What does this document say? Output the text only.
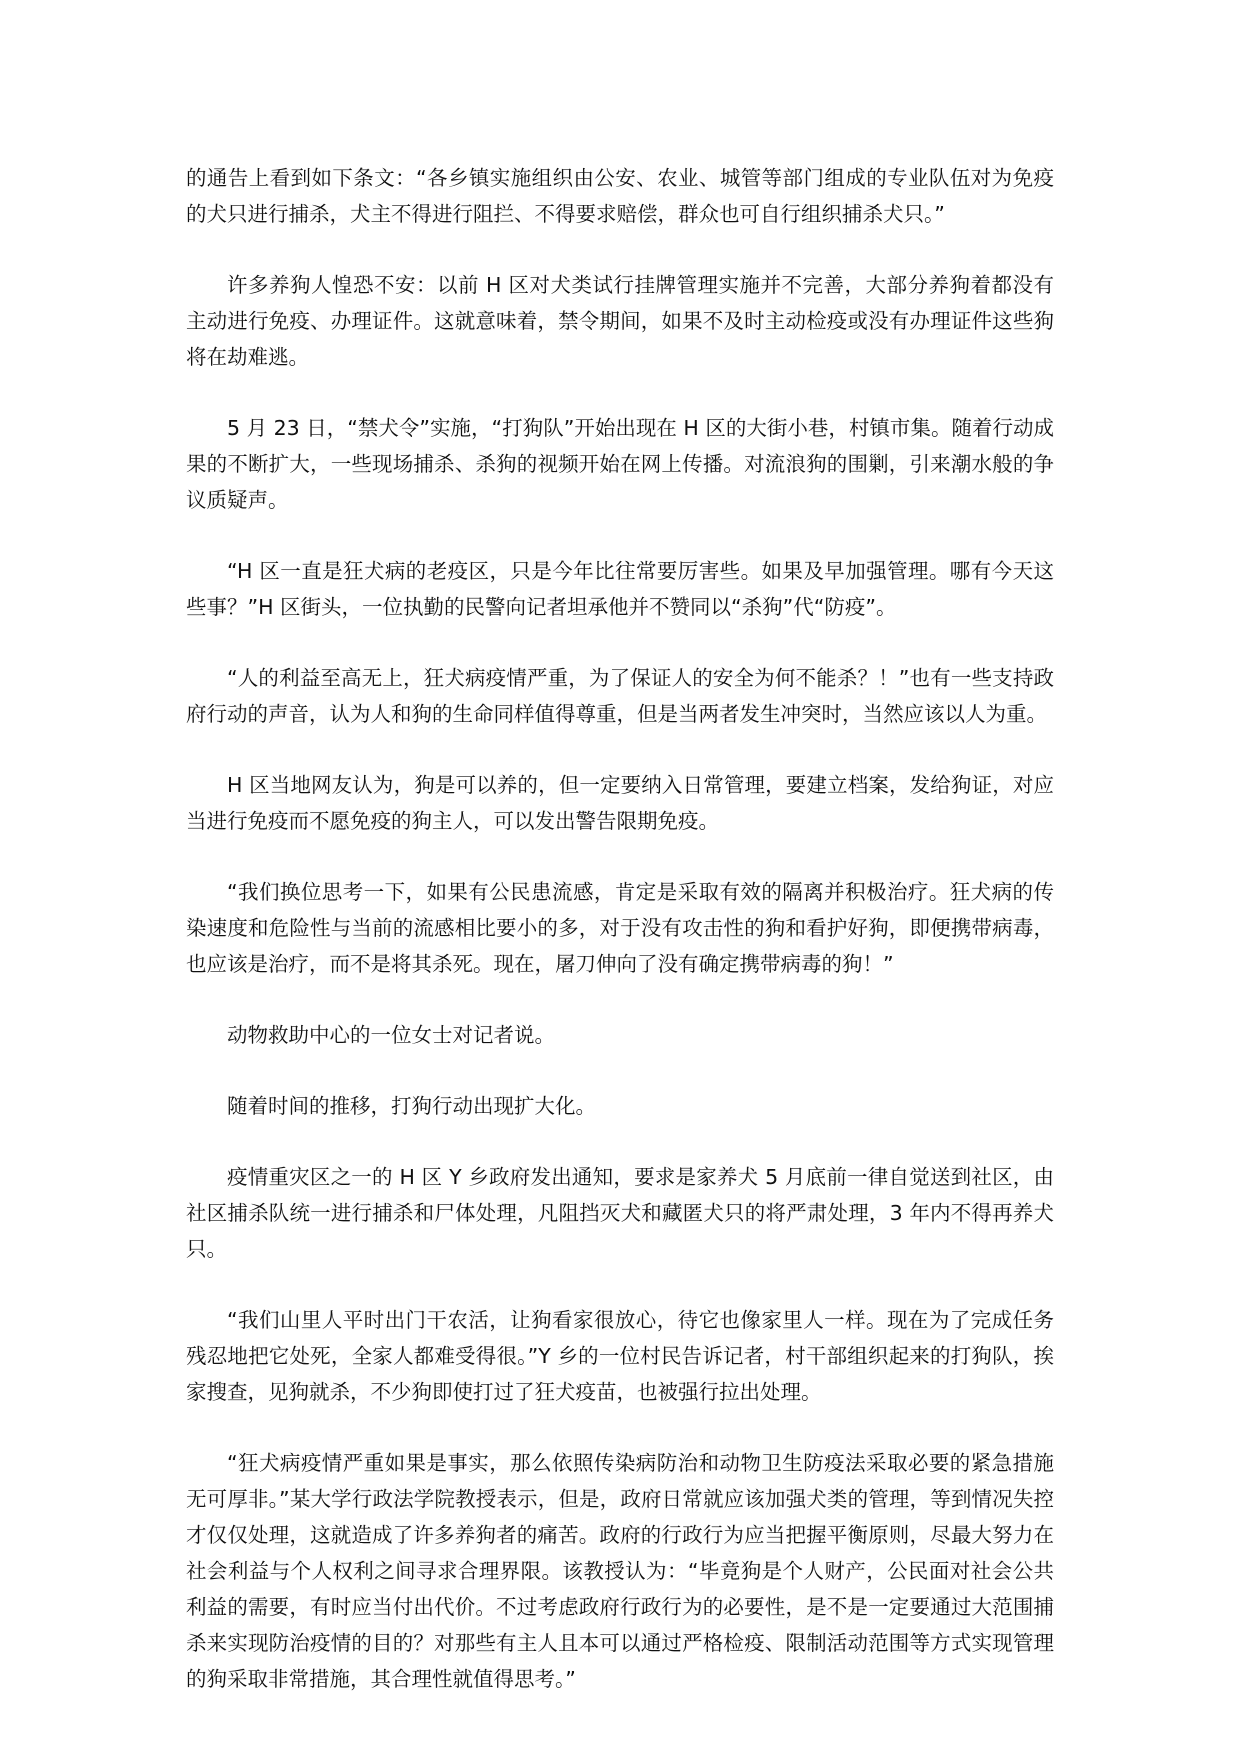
的通告上看到如下条文：“各乡镇实施组织由公安、农业、城管等部门组成的专业队伍对为免疫的犬只进行捕杀，犬主不得进行阻拦、不得要求赔偿，群众也可自行组织捕杀犬只。”

许多养狗人惶恐不安：以前 H 区对犬类试行挂牌管理实施并不完善，大部分养狗着都没有主动进行免疫、办理证件。这就意味着，禁令期间，如果不及时主动检疫或没有办理证件这些狗将在劫难逃。

5 月 23 日，“禁犬令”实施，“打狗队”开始出现在 H 区的大街小巷，村镇市集。随着行动成果的不断扩大，一些现场捕杀、杀狗的视频开始在网上传播。对流浪狗的围剿，引来潮水般的争议质疑声。

“H 区一直是狂犬病的老疫区，只是今年比往常要厉害些。如果及早加强管理。哪有今天这些事？”H 区街头，一位执勤的民警向记者坦承他并不赞同以“杀狗”代“防疫”。

“人的利益至高无上，狂犬病疫情严重，为了保证人的安全为何不能杀？！”也有一些支持政府行动的声音，认为人和狗的生命同样值得尊重，但是当两者发生冲突时，当然应该以人为重。

H 区当地网友认为，狗是可以养的，但一定要纳入日常管理，要建立档案，发给狗证，对应当进行免疫而不愿免疫的狗主人，可以发出警告限期免疫。

“我们换位思考一下，如果有公民患流感，肯定是采取有效的隔离并积极治疗。狂犬病的传染速度和危险性与当前的流感相比要小的多，对于没有攻击性的狗和看护好狗，即便携带病毒，也应该是治疗，而不是将其杀死。现在，屠刀伸向了没有确定携带病毒的狗！”

动物救助中心的一位女士对记者说。

随着时间的推移，打狗行动出现扩大化。

疫情重灾区之一的 H 区 Y 乡政府发出通知，要求是家养犬 5 月底前一律自觉送到社区，由社区捕杀队统一进行捕杀和尸体处理，凡阻挡灭犬和藏匿犬只的将严肃处理，3 年内不得再养犬只。

“我们山里人平时出门干农活，让狗看家很放心，待它也像家里人一样。现在为了完成任务残忍地把它处死，全家人都难受得很。”Y 乡的一位村民告诉记者，村干部组织起来的打狗队，挨家搜查，见狗就杀，不少狗即使打过了狂犬疫苗，也被强行拉出处理。

“狂犬病疫情严重如果是事实，那么依照传染病防治和动物卫生防疫法采取必要的紧急措施无可厚非。”某大学行政法学院教授表示，但是，政府日常就应该加强犬类的管理，等到情况失控才仅仅处理，这就造成了许多养狗者的痛苦。政府的行政行为应当把握平衡原则，尽最大努力在社会利益与个人权利之间寻求合理界限。该教授认为：“毕竟狗是个人财产，公民面对社会公共利益的需要，有时应当付出代价。不过考虑政府行政行为的必要性，是不是一定要通过大范围捕杀来实现防治疫情的目的？对那些有主人且本可以通过严格检疫、限制活动范围等方式实现管理的狗采取非常措施，其合理性就值得思考。”
